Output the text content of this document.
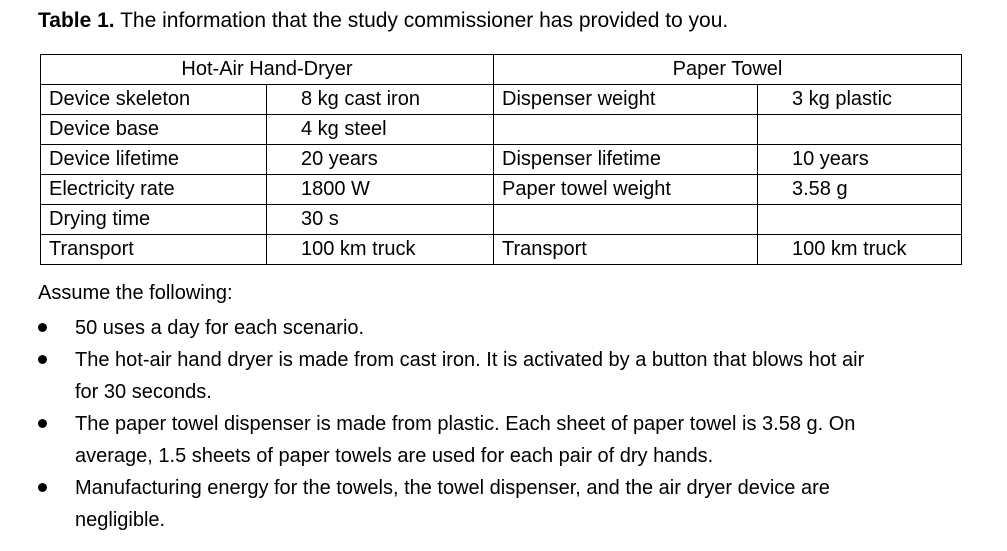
Table 1. The information that the study commissioner has provided to you.
Hot-Air Hand-Dryer		Paper Towel	
Device skeleton	8 kg cast iron	Dispenser weight	3 kg plastic
Device base	4 kg steel		
Device lifetime	20 years	Dispenser lifetime	10 years
Electricity rate	1800 W	Paper towel weight	3.58 g
Drying time	30 s		
Transport	100 km truck	Transport	100 km truck
Assume the following:
50 uses a day for each scenario.
The hot-air hand dryer is made from cast iron. It is activated by a button that blows hot air
for 30 seconds.
The paper towel dispenser is made from plastic. Each sheet of paper towel is 3.58 g. On
average, 1.5 sheets of paper towels are used for each pair of dry hands.
Manufacturing energy for the towels, the towel dispenser, and the air dryer device are
negligible.
